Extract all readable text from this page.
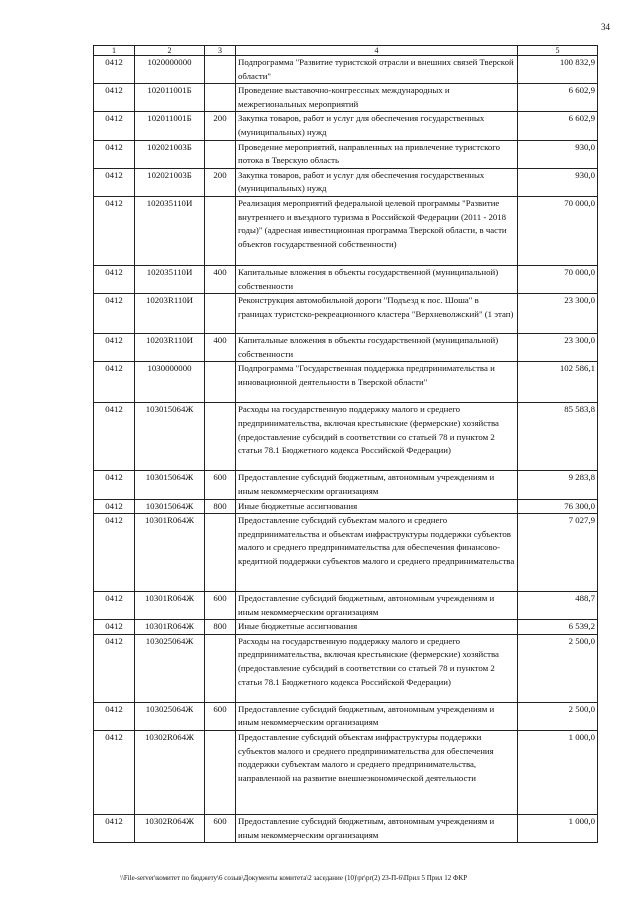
34
1	2	3	4	5
0412	1020000000		Подпрограмма "Развитие туристской отрасли и внешних связей Тверской области"	100 832,9
0412	102011001Б		Проведение выставочно-конгрессных международных и межрегиональных мероприятий	6 602,9
0412	102011001Б	200	Закупка товаров, работ и услуг для обеспечения государственных (муниципальных) нужд	6 602,9
0412	102021003Б		Проведение мероприятий, направленных на привлечение туристского потока в Тверскую область	930,0
0412	102021003Б	200	Закупка товаров, работ и услуг для обеспечения государственных (муниципальных) нужд	930,0
0412	102035110И		Реализация мероприятий федеральной целевой программы "Развитие внутреннего и въездного туризма в Российской Федерации (2011 - 2018 годы)" (адресная инвестиционная программа Тверской области, в части объектов государственной собственности)	70 000,0
0412	102035110И	400	Капитальные вложения в объекты государственной (муниципальной) собственности	70 000,0
0412	10203R110И		Реконструкция автомобильной дороги "Подъезд к пос. Шоша" в границах туристско-рекреационного кластера "Верхневолжский" (1 этап)	23 300,0
0412	10203R110И	400	Капитальные вложения в объекты государственной (муниципальной) собственности	23 300,0
0412	1030000000		Подпрограмма "Государственная поддержка предпринимательства и инновационной деятельности в Тверской области"	102 586,1
0412	103015064Ж		Расходы на государственную поддержку малого и среднего предпринимательства, включая крестьянские (фермерские) хозяйства (предоставление субсидий в соответствии со статьей 78 и пунктом 2 статьи 78.1 Бюджетного кодекса Российской Федерации)	85 583,8
0412	103015064Ж	600	Предоставление субсидий бюджетным, автономным учреждениям и иным некоммерческим организациям	9 283,8
0412	103015064Ж	800	Иные бюджетные ассигнования	76 300,0
0412	10301R064Ж		Предоставление субсидий субъектам малого и среднего предпринимательства и объектам инфраструктуры поддержки субъектов малого и среднего предпринимательства для обеспечения финансово-кредитной поддержки субъектов малого и среднего предпринимательства	7 027,9
0412	10301R064Ж	600	Предоставление субсидий бюджетным, автономным учреждениям и иным некоммерческим организациям	488,7
0412	10301R064Ж	800	Иные бюджетные ассигнования	6 539,2
0412	103025064Ж		Расходы на государственную поддержку малого и среднего предпринимательства, включая крестьянские (фермерские) хозяйства (предоставление субсидий в соответствии со статьей 78 и пунктом 2 статьи 78.1 Бюджетного кодекса Российской Федерации)	2 500,0
0412	103025064Ж	600	Предоставление субсидий бюджетным, автономным учреждениям и иным некоммерческим организациям	2 500,0
0412	10302R064Ж		Предоставление субсидий объектам инфраструктуры поддержки субъектов малого и среднего предпринимательства для обеспечения поддержки субъектам малого и среднего предпринимательства, направленной на развитие внешнеэкономической деятельности	1 000,0
0412	10302R064Ж	600	Предоставление субсидий бюджетным, автономным учреждениям и иным некоммерческим организациям	1 000,0
\\File-server\комитет по бюджету\6 созыв\Документы комитета\2 заседание (10)\pr\pr(2) 23-П-6\Прил 5 Прил 12 ФКР
